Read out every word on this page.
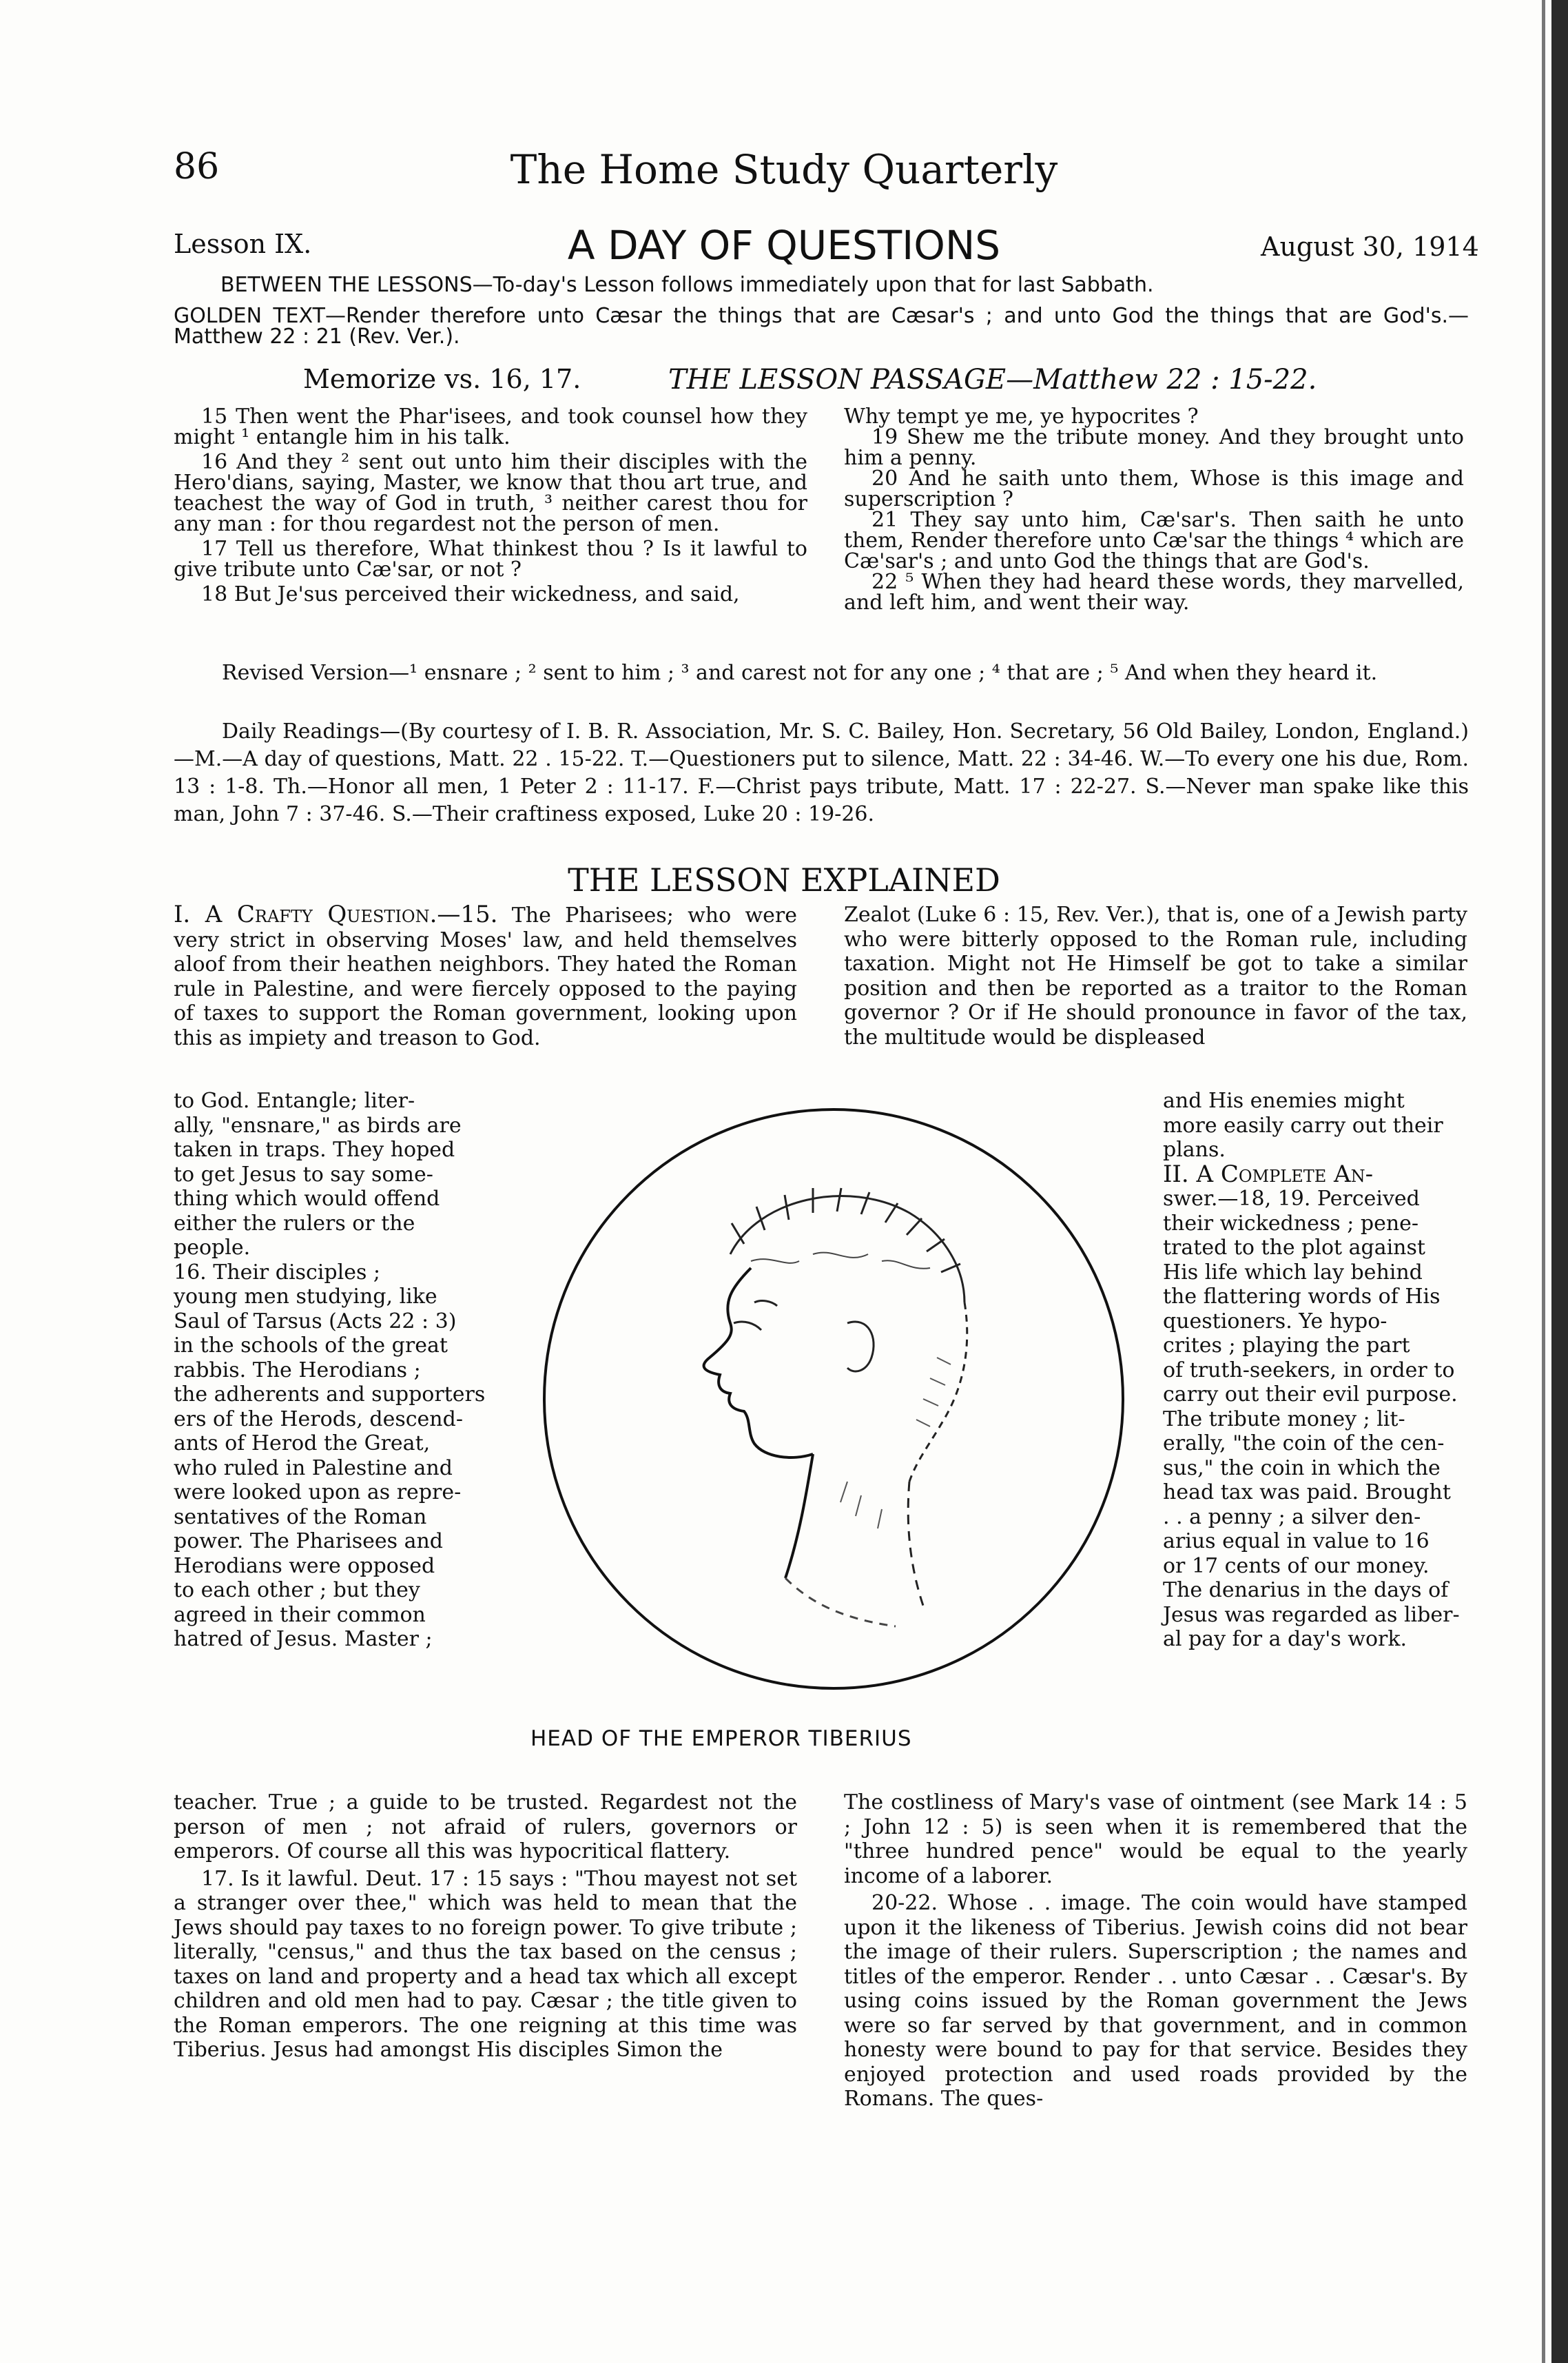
86	The Home Study Quarterly
Lesson IX.	A DAY OF QUESTIONS	August 30, 1914
BETWEEN THE LESSONS—To-day's Lesson follows immediately upon that for last Sabbath.
GOLDEN TEXT—Render therefore unto Cæsar the things that are Cæsar's ; and unto God the things that are God's.—Matthew 22 : 21 (Rev. Ver.).
Memorize vs. 16, 17.	THE LESSON PASSAGE—Matthew 22 : 15-22.
15 Then went the Phar'isees, and took counsel how they might ¹ entangle him in his talk.
16 And they ² sent out unto him their disciples with the Hero'dians, saying, Master, we know that thou art true, and teachest the way of God in truth, ³ neither carest thou for any man : for thou regardest not the person of men.
17 Tell us therefore, What thinkest thou ? Is it lawful to give tribute unto Cæ'sar, or not ?
18 But Je'sus perceived their wickedness, and said,
Why tempt ye me, ye hypocrites ?
19 Shew me the tribute money. And they brought unto him a penny.
20 And he saith unto them, Whose is this image and superscription ?
21 They say unto him, Cæ'sar's. Then saith he unto them, Render therefore unto Cæ'sar the things ⁴ which are Cæ'sar's ; and unto God the things that are God's.
22 ⁵ When they had heard these words, they marvelled, and left him, and went their way.
Revised Version—¹ ensnare ; ² sent to him ; ³ and carest not for any one ; ⁴ that are ; ⁵ And when they heard it.
Daily Readings—(By courtesy of I. B. R. Association, Mr. S. C. Bailey, Hon. Secretary, 56 Old Bailey, London, England.)—M.—A day of questions, Matt. 22 . 15-22. T.—Questioners put to silence, Matt. 22 : 34-46. W.—To every one his due, Rom. 13 : 1-8. Th.—Honor all men, 1 Peter 2 : 11-17. F.—Christ pays tribute, Matt. 17 : 22-27. S.—Never man spake like this man, John 7 : 37-46. S.—Their craftiness exposed, Luke 20 : 19-26.
THE LESSON EXPLAINED
I. A Crafty Question.—15. The Pharisees; who were very strict in observing Moses' law, and held themselves aloof from their heathen neighbors. They hated the Roman rule in Palestine, and were fiercely opposed to the paying of taxes to support the Roman government, looking upon this as impiety and treason to God.
to God. Entangle; liter-
ally, "ensnare," as birds are
taken in traps. They hoped
to get Jesus to say some-
thing which would offend
either the rulers or the
people.
16. Their disciples ;
young men studying, like
Saul of Tarsus (Acts 22 : 3)
in the schools of the great
rabbis. The Herodians ;
the adherents and supporters
ers of the Herods, descend-
ants of Herod the Great,
who ruled in Palestine and
were looked upon as repre-
sentatives of the Roman
power. The Pharisees and
Herodians were opposed
to each other ; but they
agreed in their common
hatred of Jesus. Master ;
teacher. True ; a guide to be trusted. Regardest not the person of men ; not afraid of rulers, governors or emperors. Of course all this was hypocritical flattery.
17. Is it lawful. Deut. 17 : 15 says : "Thou mayest not set a stranger over thee," which was held to mean that the Jews should pay taxes to no foreign power. To give tribute ; literally, "census," and thus the tax based on the census ; taxes on land and property and a head tax which all except children and old men had to pay. Cæsar ; the title given to the Roman emperors. The one reigning at this time was Tiberius. Jesus had amongst His disciples Simon the
Zealot (Luke 6 : 15, Rev. Ver.), that is, one of a Jewish party who were bitterly opposed to the Roman rule, including taxation. Might not He Himself be got to take a similar position and then be reported as a traitor to the Roman governor ? Or if He should pronounce in favor of the tax, the multitude would be displeased
and His enemies might
more easily carry out their
plans.
II. A Complete An-
swer.—18, 19. Perceived
their wickedness ; pene-
trated to the plot against
His life which lay behind
the flattering words of His
questioners. Ye hypo-
crites ; playing the part
of truth-seekers, in order to
carry out their evil purpose.
The tribute money ; lit-
erally, "the coin of the cen-
sus," the coin in which the
head tax was paid. Brought
. . a penny ; a silver den-
arius equal in value to 16
or 17 cents of our money.
The denarius in the days of
Jesus was regarded as liber-
al pay for a day's work.
The costliness of Mary's vase of ointment (see Mark 14 : 5 ; John 12 : 5) is seen when it is remembered that the "three hundred pence" would be equal to the yearly income of a laborer.
20-22. Whose . . image. The coin would have stamped upon it the likeness of Tiberius. Jewish coins did not bear the image of their rulers. Superscription ; the names and titles of the emperor. Render . . unto Cæsar . . Cæsar's. By using coins issued by the Roman government the Jews were so far served by that government, and in common honesty were bound to pay for that service. Besides they enjoyed protection and used roads provided by the Romans. The ques-
HEAD OF THE EMPEROR TIBERIUS
